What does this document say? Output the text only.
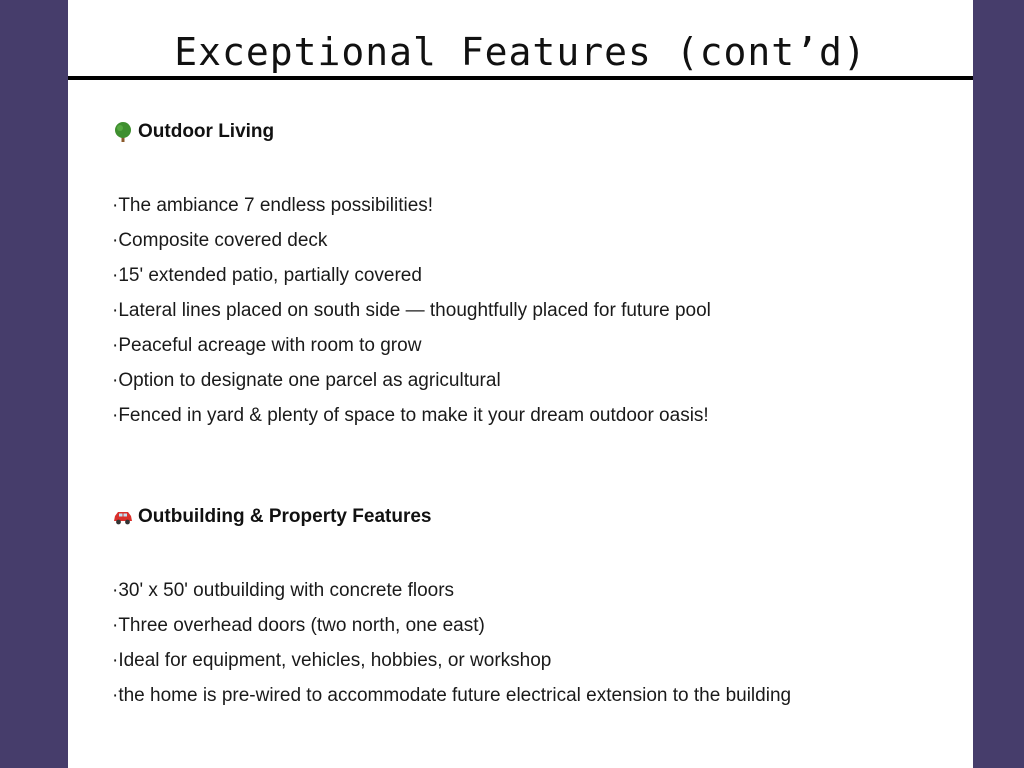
Exceptional Features (cont’d)
Outdoor Living
·The ambiance 7 endless possibilities!
·Composite covered deck
·15' extended patio, partially covered
·Lateral lines placed on south side — thoughtfully placed for future pool
·Peaceful acreage with room to grow
·Option to designate one parcel as agricultural
·Fenced in yard & plenty of space to make it your dream outdoor oasis!
Outbuilding & Property Features
·30' x 50' outbuilding with concrete floors
·Three overhead doors (two north, one east)
·Ideal for equipment, vehicles, hobbies, or workshop
·the home is pre-wired to accommodate future electrical extension to the building
